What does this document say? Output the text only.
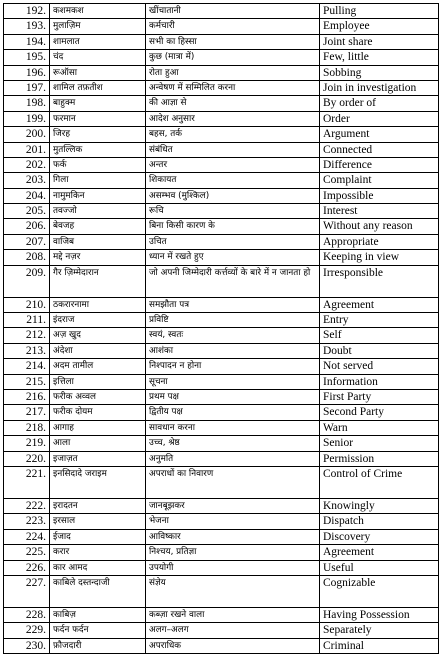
192.	कशमकश	खींचातानी	Pulling
193.	मुलाज़िम	कर्मचारी	Employee
194.	शामलात	सभी का हिस्सा	Joint share
195.	चंद	कुछ (मात्रा में)	Few, little
196.	रूऑसा	रोता हुआ	Sobbing
197.	शामिल तफ़तीश	अन्वेषण में सम्मिलित करना	Join in investigation
198.	बाहुक्म	की आज्ञा से	By order of
199.	फरमान	आदेश अनुसार	Order
200.	जिरह	बहस, तर्क	Argument
201.	मुतल्लिक	संबंधित	Connected
202.	फर्क	अन्तर	Difference
203.	गिला	शिकायत	Complaint
204.	नामुमकिन	असम्भव (मुश्किल)	Impossible
205.	तवज्जो	रूचि	Interest
206.	बेवजह	बिना किसी कारण के	Without any reason
207.	वाजिब	उचित	Appropriate
208.	मद्दे नज़र	ध्यान में रखते हुए	Keeping in view
209.	गैर ज़िम्मेदारान	जो अपनी जिम्मेदारी कर्त्तव्यों के बारे में न जानता हो	Irresponsible
210.	ठकरारनामा	समझौता पत्र	Agreement
211.	इंदराज	प्रविष्टि	Entry
212.	अज़ खुद	स्वयं, स्वतः	Self
213.	अंदेशा	आशंका	Doubt
214.	अदम तामील	निश्पादन न होना	Not served
215.	इत्तिला	सूचना	Information
216.	फरीक अव्वल	प्रथम पक्ष	First Party
217.	फरीक दोयम	द्वितीय पक्ष	Second Party
218.	आगाह	सावधान करना	Warn
219.	आला	उच्च, श्रेष्ठ	Senior
220.	इजाज़त	अनुमति	Permission
221.	इनसिदादे जराइम	अपराधों का निवारण	Control of Crime
222.	इरादतन	जानबूझकर	Knowingly
223.	इरसाल	भेजना	Dispatch
224.	ईजाद	आविष्कार	Discovery
225.	करार	निश्चय, प्रतिज्ञा	Agreement
226.	कार आमद	उपयोगी	Useful
227.	काबिले दस्तन्दाजी	संज्ञेय	Cognizable
228.	काबिज़	कब्ज़ा रखने वाला	Having Possession
229.	फर्दन फर्दन	अलग–अलग	Separately
230.	फ़ौजदारी	अपराधिक	Criminal
